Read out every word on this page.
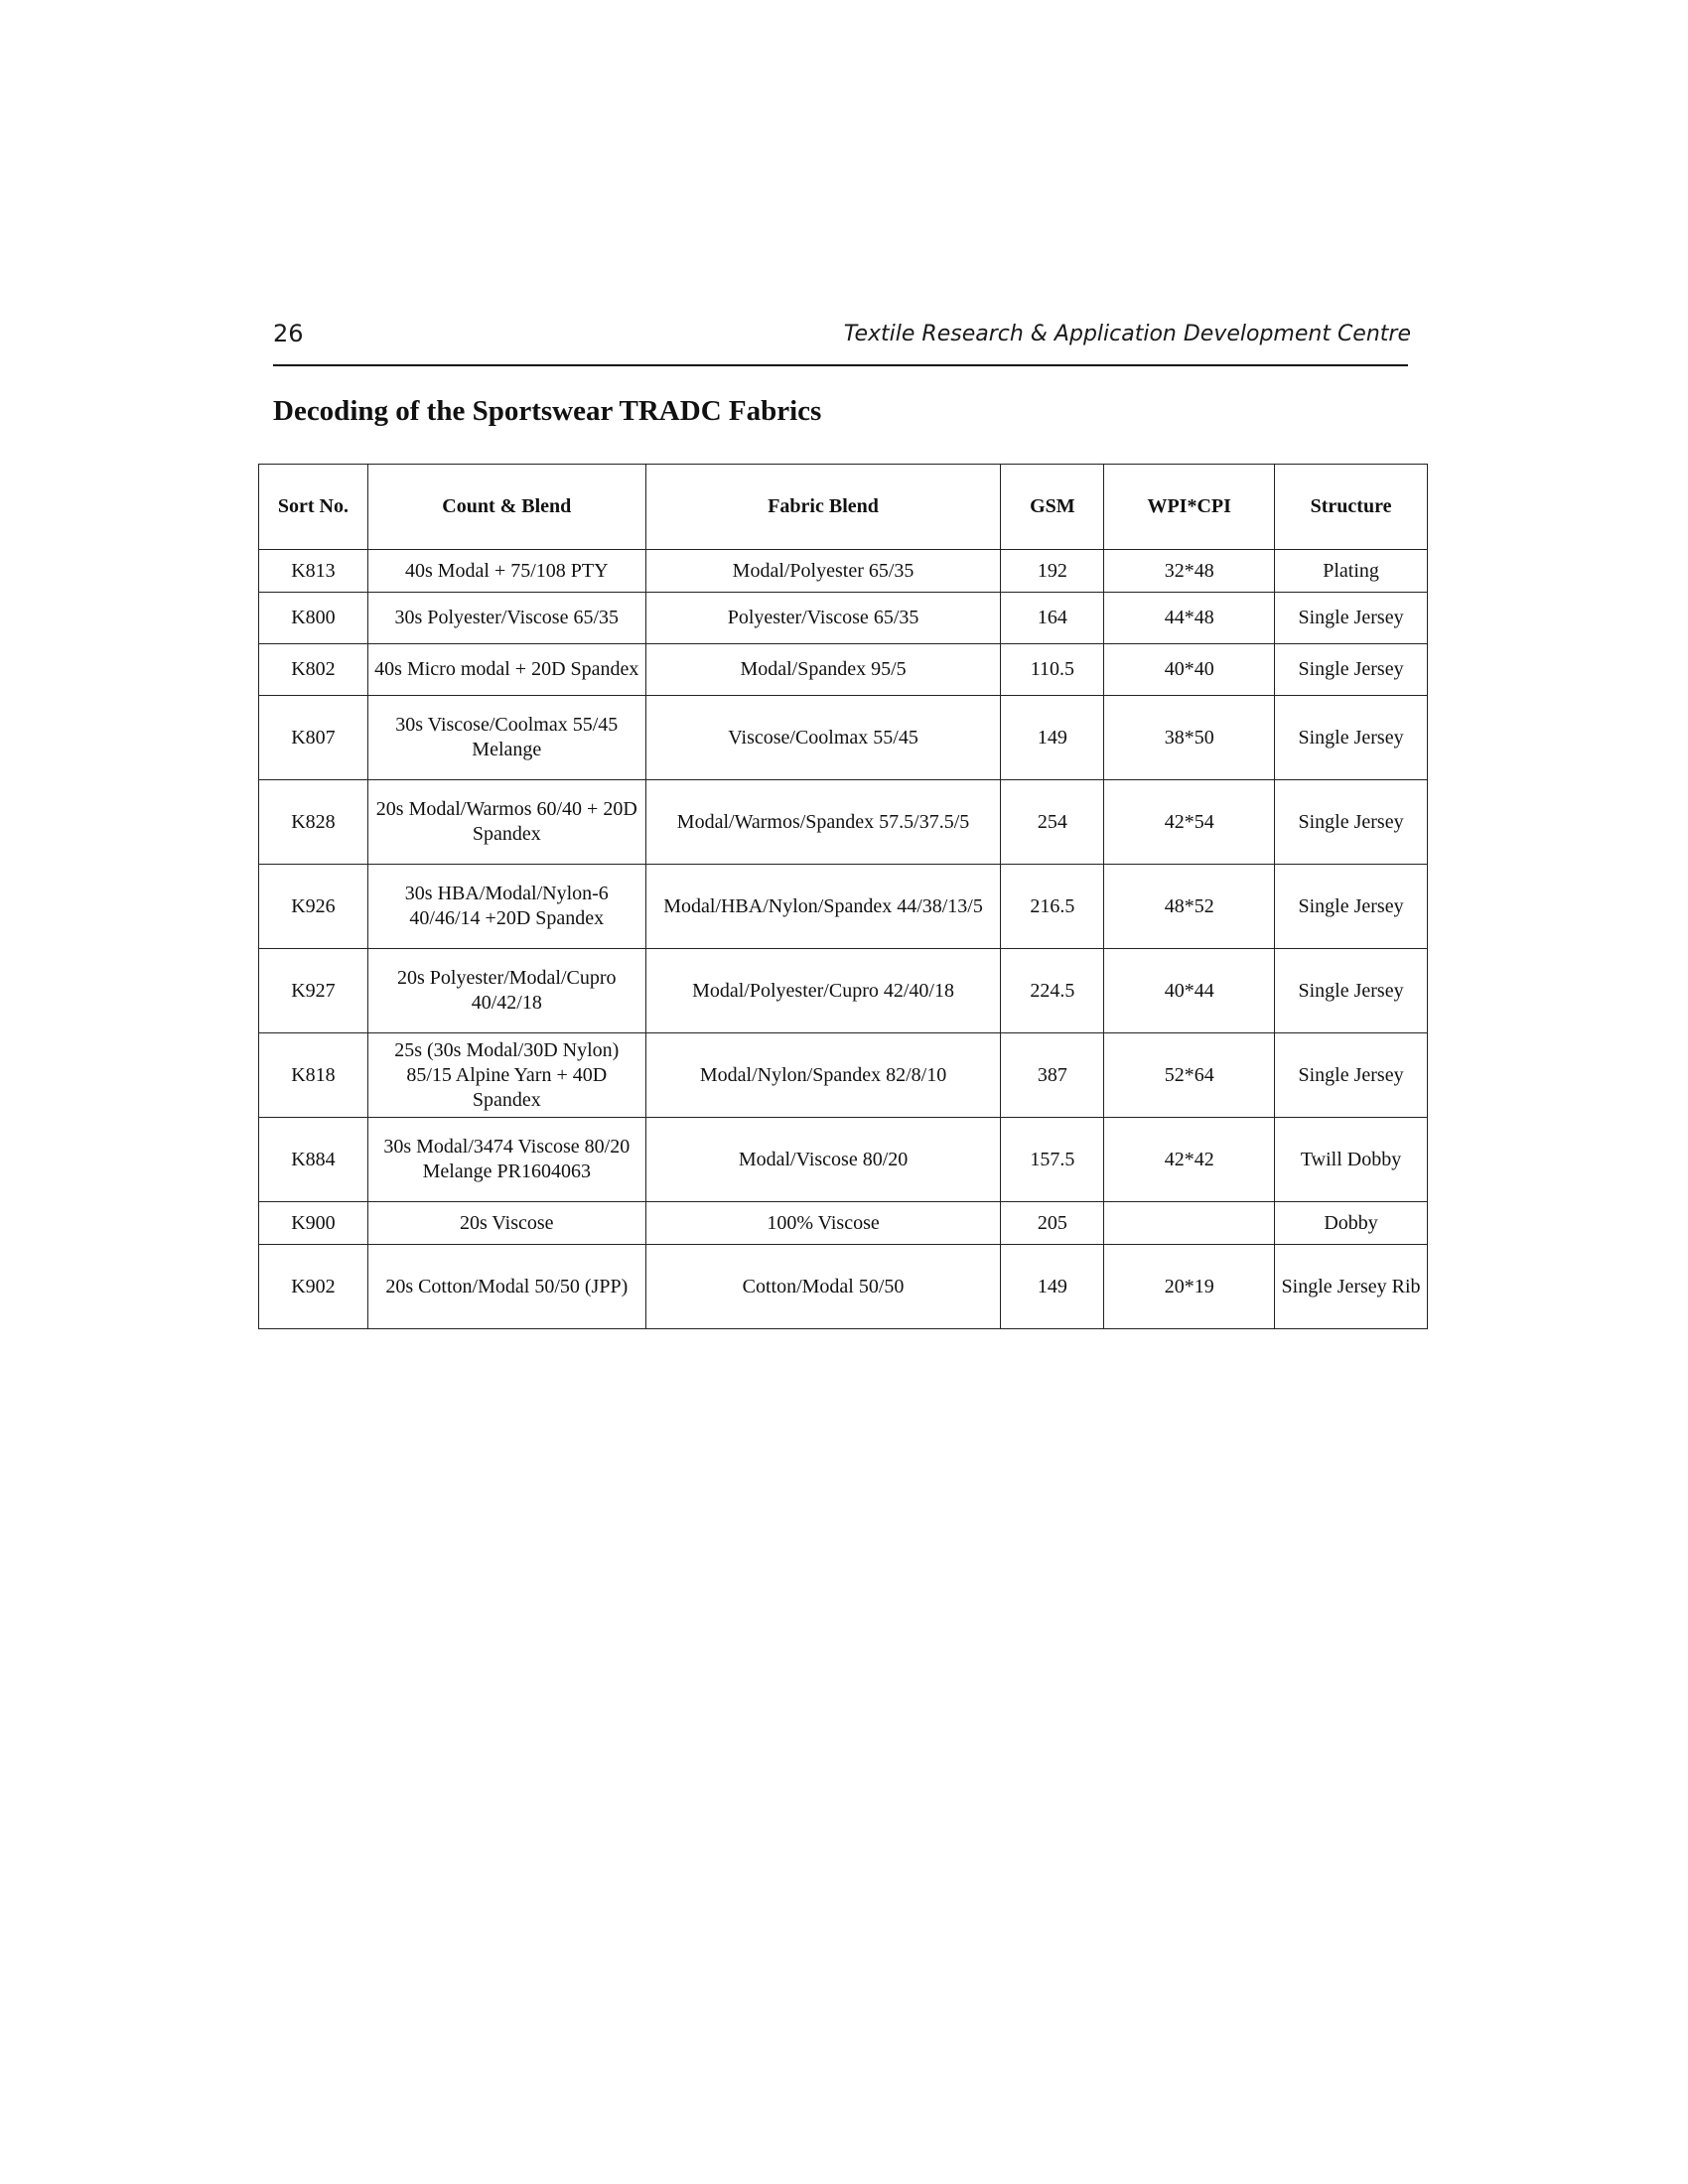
26	Textile Research & Application Development Centre
Decoding of the Sportswear TRADC Fabrics
Sort No.	Count & Blend	Fabric Blend	GSM	WPI*CPI	Structure
K813	40s Modal + 75/108 PTY	Modal/Polyester 65/35	192	32*48	Plating
K800	30s Polyester/Viscose 65/35	Polyester/Viscose 65/35	164	44*48	Single Jersey
K802	40s Micro modal + 20D Spandex	Modal/Spandex 95/5	110.5	40*40	Single Jersey
K807	30s Viscose/Coolmax 55/45 Melange	Viscose/Coolmax 55/45	149	38*50	Single Jersey
K828	20s Modal/Warmos 60/40 + 20D Spandex	Modal/Warmos/Spandex 57.5/37.5/5	254	42*54	Single Jersey
K926	30s HBA/Modal/Nylon-6 40/46/14 +20D Spandex	Modal/HBA/Nylon/Spandex 44/38/13/5	216.5	48*52	Single Jersey
K927	20s Polyester/Modal/Cupro 40/42/18	Modal/Polyester/Cupro 42/40/18	224.5	40*44	Single Jersey
K818	25s (30s Modal/30D Nylon) 85/15 Alpine Yarn + 40D Spandex	Modal/Nylon/Spandex 82/8/10	387	52*64	Single Jersey
K884	30s Modal/3474 Viscose 80/20 Melange PR1604063	Modal/Viscose 80/20	157.5	42*42	Twill Dobby
K900	20s Viscose	100% Viscose	205		Dobby
K902	20s Cotton/Modal 50/50 (JPP)	Cotton/Modal 50/50	149	20*19	Single Jersey Rib
